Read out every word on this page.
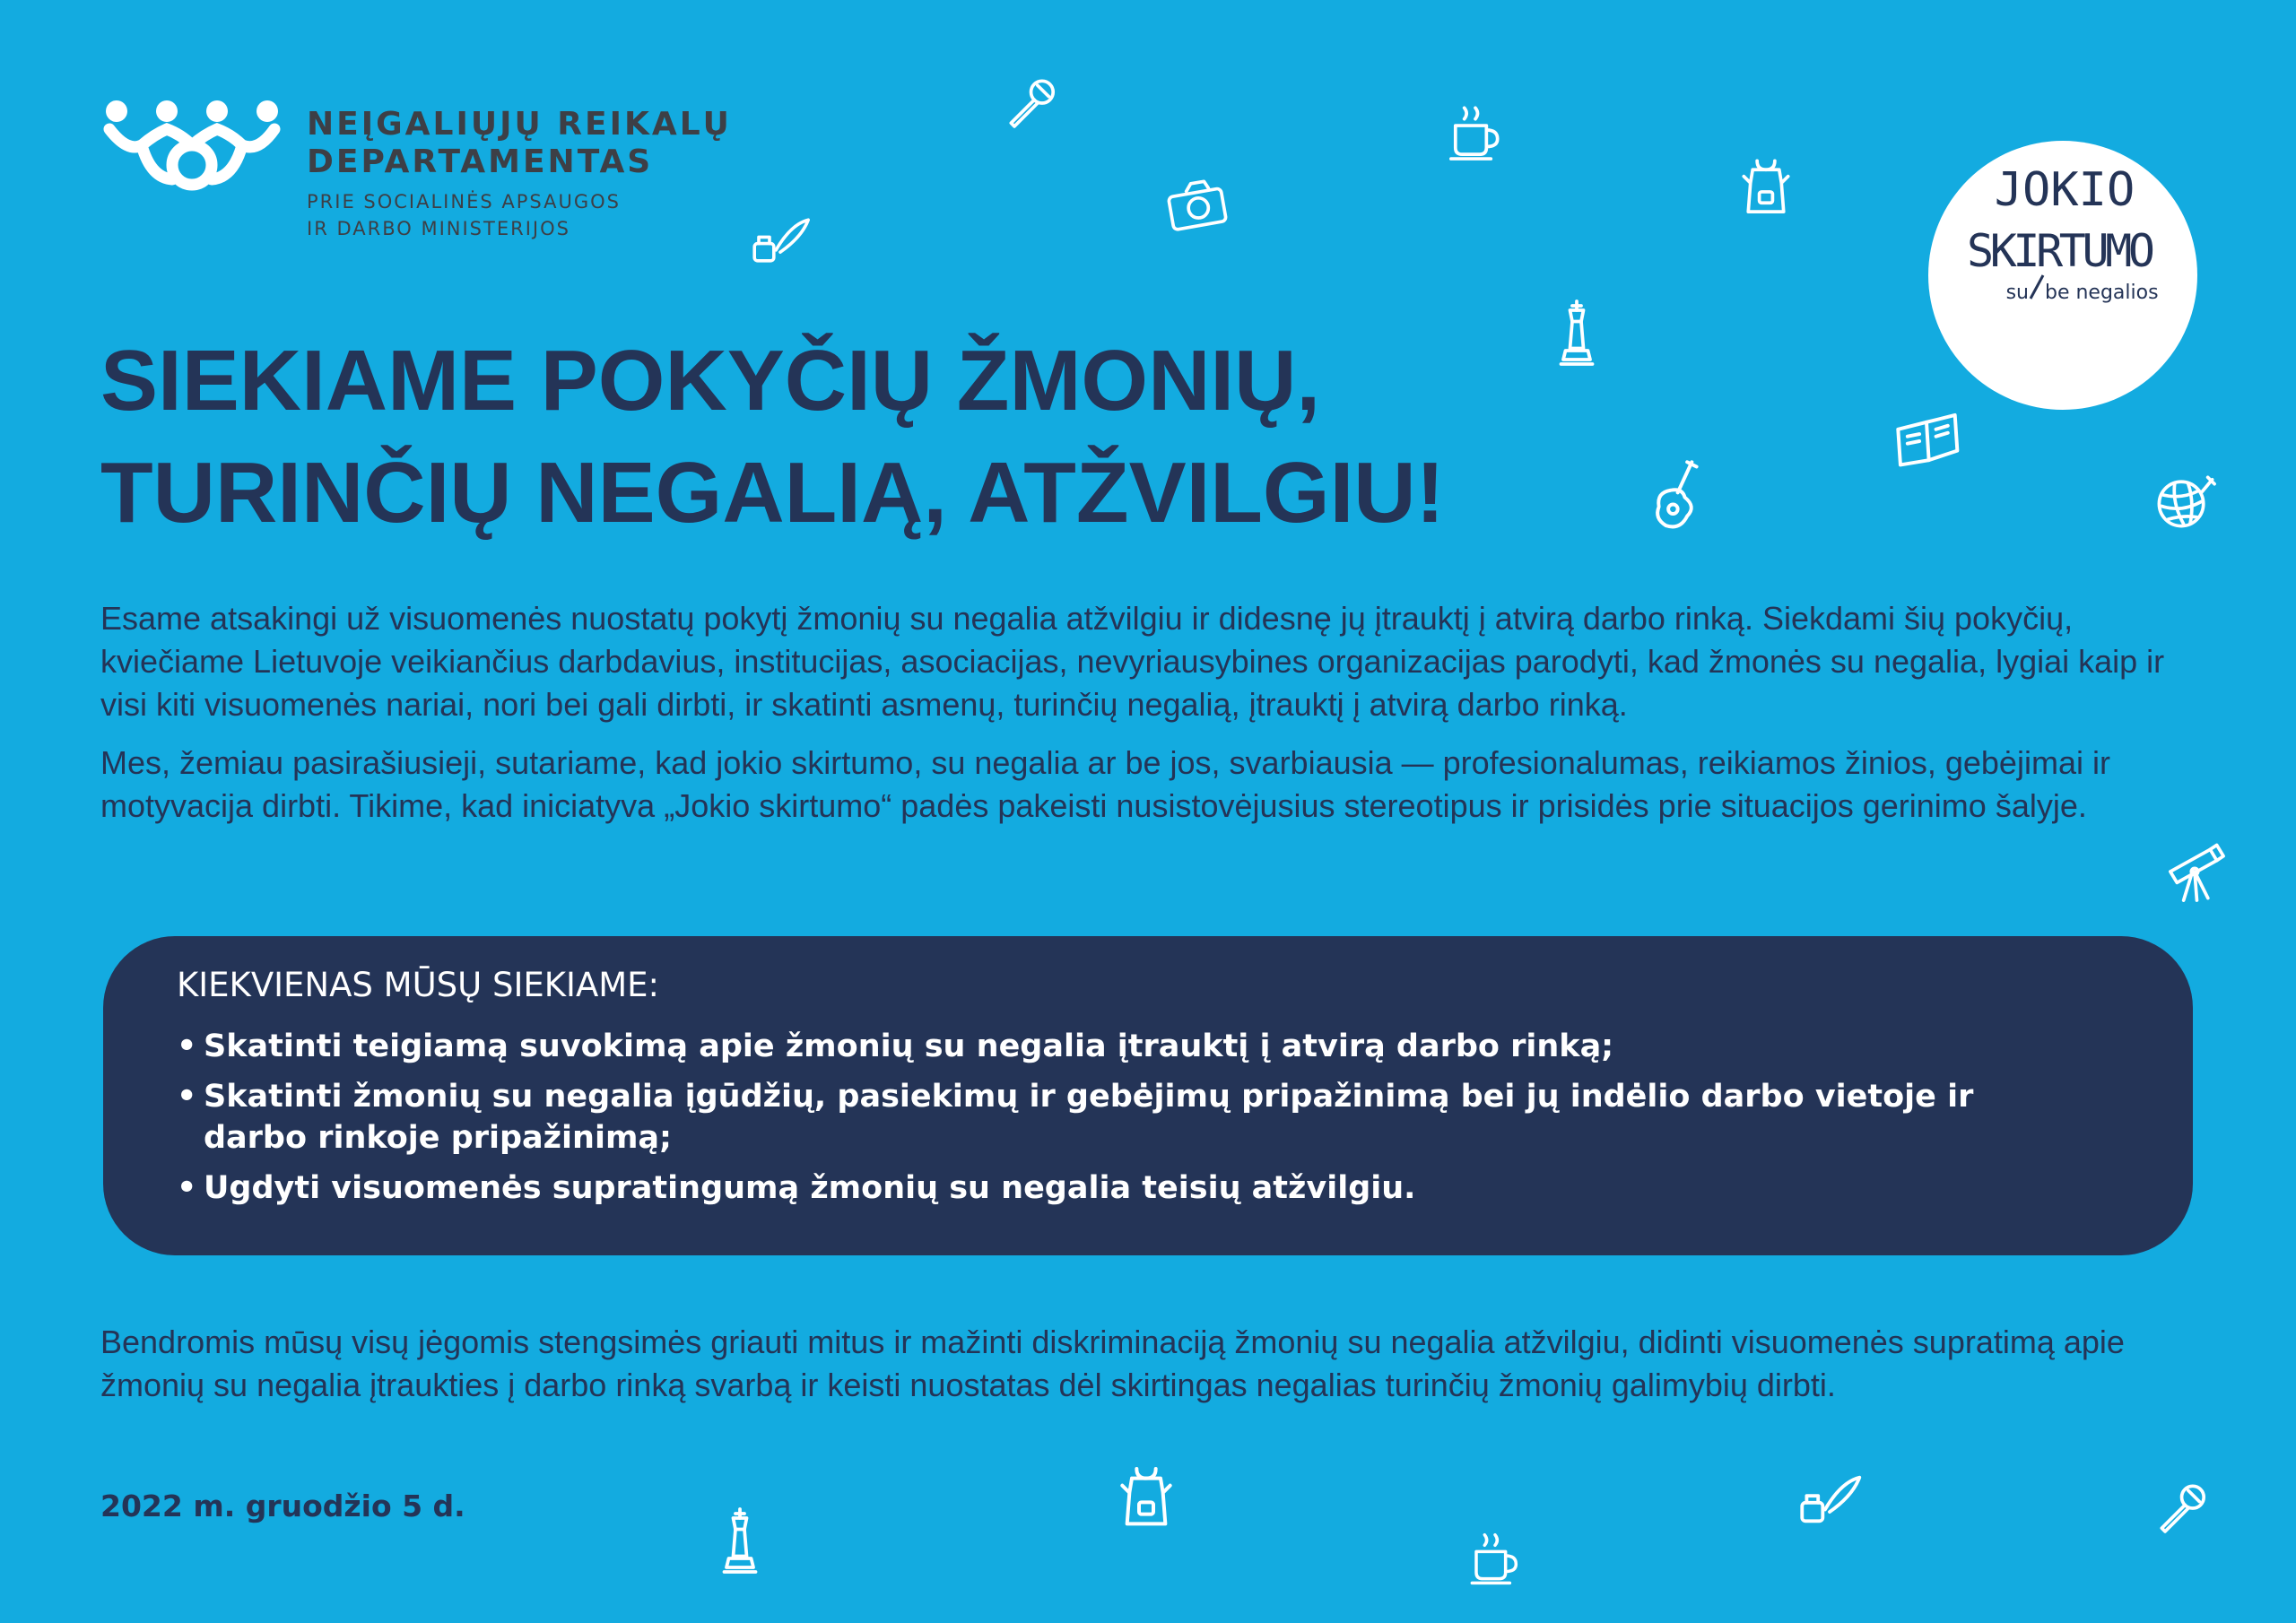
NEĮGALIŲJŲ REIKALŲ
DEPARTAMENTAS
PRIE SOCIALINĖS APSAUGOS
IR DARBO MINISTERIJOS
JOKIO
SKIRTUMO
su be negalios
SIEKIAME POKYČIŲ ŽMONIŲ,
TURINČIŲ NEGALIĄ, ATŽVILGIU!

Esame atsakingi už visuomenės nuostatų pokytį žmonių su negalia atžvilgiu ir didesnę jų įtrauktį į atvirą darbo rinką. Siekdami šių pokyčių, kviečiame Lietuvoje veikiančius darbdavius, institucijas, asociacijas, nevyriausybines organizacijas parodyti, kad žmonės su negalia, lygiai kaip ir visi kiti visuomenės nariai, nori bei gali dirbti, ir skatinti asmenų, turinčių negalią, įtrauktį į atvirą darbo rinką.

Mes, žemiau pasirašiusieji, sutariame, kad jokio skirtumo, su negalia ar be jos, svarbiausia — profesionalumas, reikiamos žinios, gebėjimai ir motyvacija dirbti. Tikime, kad iniciatyva „Jokio skirtumo“ padės pakeisti nusistovėjusius stereotipus ir prisidės prie situacijos gerinimo šalyje.

KIEKVIENAS MŪSŲ SIEKIAME:
• Skatinti teigiamą suvokimą apie žmonių su negalia įtrauktį į atvirą darbo rinką;
• Skatinti žmonių su negalia įgūdžių, pasiekimų ir gebėjimų pripažinimą bei jų indėlio darbo vietoje ir darbo rinkoje pripažinimą;
• Ugdyti visuomenės supratingumą žmonių su negalia teisių atžvilgiu.

Bendromis mūsų visų jėgomis stengsimės griauti mitus ir mažinti diskriminaciją žmonių su negalia atžvilgiu, didinti visuomenės supratimą apie žmonių su negalia įtraukties į darbo rinką svarbą ir keisti nuostatas dėl skirtingas negalias turinčių žmonių galimybių dirbti.

2022 m. gruodžio 5 d.
